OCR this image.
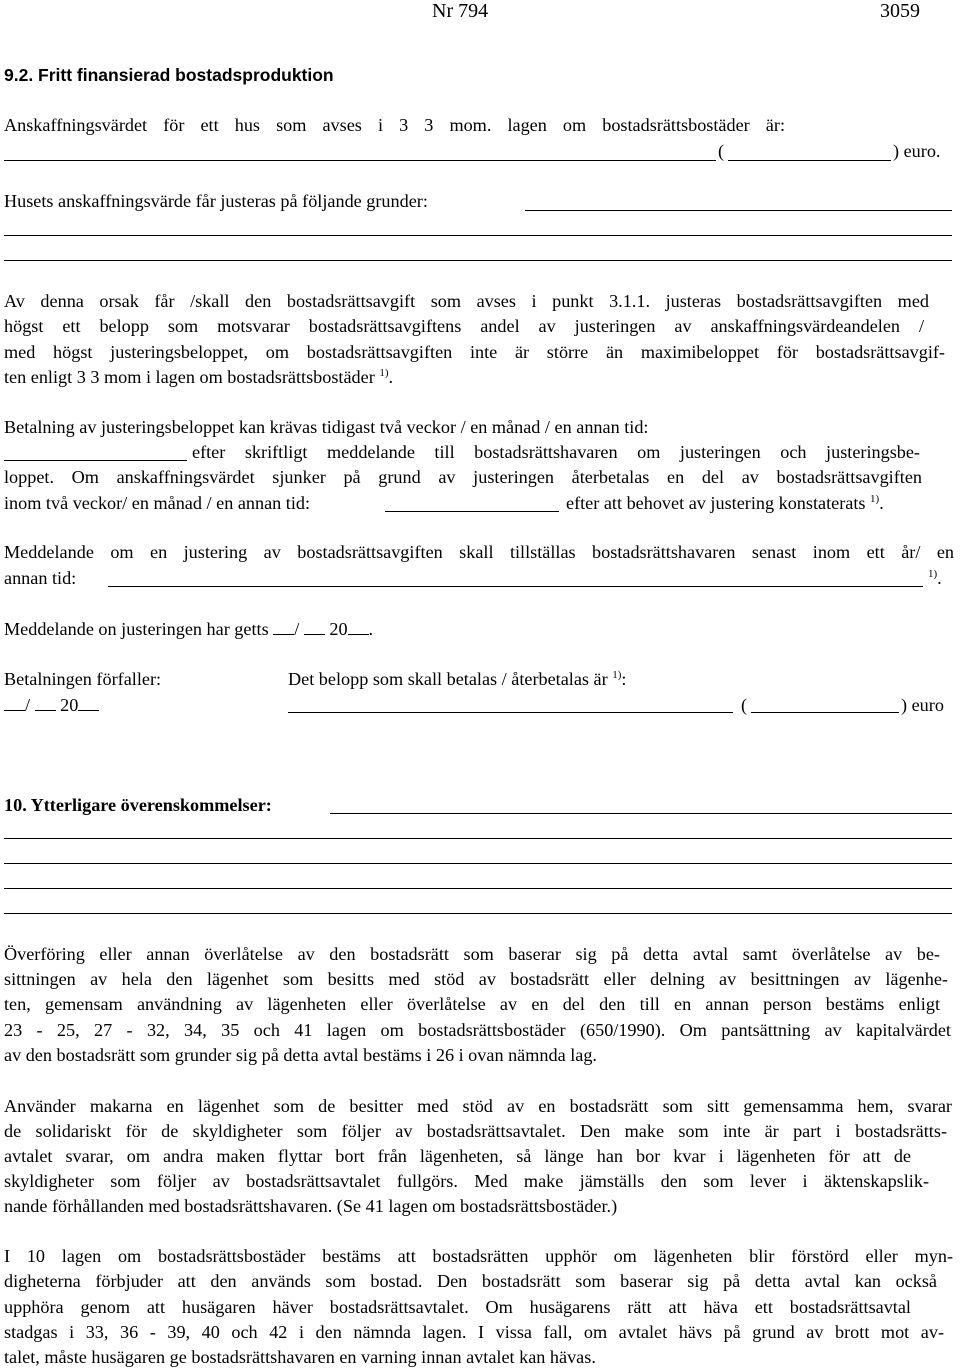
Nr 794	3059
9.2. Fritt finansierad bostadsproduktion
Anskaffningsvärdet för ett hus som avses i 3 3 mom. lagen om bostadsrättsbostäder är:
(	) euro.
Husets anskaffningsvärde får justeras på följande grunder:
Av denna orsak får /skall den bostadsrättsavgift som avses i punkt 3.1.1. justeras bostadsrättsavgiften med
högst ett belopp som motsvarar bostadsrättsavgiftens andel av justeringen av anskaffningsvärdeandelen /
med högst justeringsbeloppet, om bostadsrättsavgiften inte är större än maximibeloppet för bostadsrättsavgif-
ten enligt 3 3 mom i lagen om bostadsrättsbostäder $^{1)}$.
Betalning av justeringsbeloppet kan krävas tidigast två veckor / en månad / en annan tid:
efter skriftligt meddelande till bostadsrättshavaren om justeringen och justeringsbe-
loppet. Om anskaffningsvärdet sjunker på grund av justeringen återbetalas en del av bostadsrättsavgiften
inom två veckor/ en månad / en annan tid:	efter att behovet av justering konstaterats $^{1)}$.
Meddelande om en justering av bostadsrättsavgiften skall tillställas bostadsrättshavaren senast inom ett år/ en
annan tid:	$^{1)}$.
Meddelande on justeringen har getts / 20 .
Betalningen förfaller:	Det belopp som skall betalas / återbetalas är $^{1)}$:
/ 20	(	) euro
10. Ytterligare överenskommelser:
Överföring eller annan överlåtelse av den bostadsrätt som baserar sig på detta avtal samt överlåtelse av be-
sittningen av hela den lägenhet som besitts med stöd av bostadsrätt eller delning av besittningen av lägenhe-
ten, gemensam användning av lägenheten eller överlåtelse av en del den till en annan person bestäms enligt
23 - 25, 27 - 32, 34, 35 och 41 lagen om bostadsrättsbostäder (650/1990). Om pantsättning av kapitalvärdet
av den bostadsrätt som grunder sig på detta avtal bestäms i 26 i ovan nämnda lag.
Använder makarna en lägenhet som de besitter med stöd av en bostadsrätt som sitt gemensamma hem, svarar
de solidariskt för de skyldigheter som följer av bostadsrättsavtalet. Den make som inte är part i bostadsrätts-
avtalet svarar, om andra maken flyttar bort från lägenheten, så länge han bor kvar i lägenheten för att de
skyldigheter som följer av bostadsrättsavtalet fullgörs. Med make jämställs den som lever i äktenskapslik-
nande förhållanden med bostadsrättshavaren. (Se 41 lagen om bostadsrättsbostäder.)
I 10 lagen om bostadsrättsbostäder bestäms att bostadsrätten upphör om lägenheten blir förstörd eller myn-
digheterna förbjuder att den används som bostad. Den bostadsrätt som baserar sig på detta avtal kan också
upphöra genom att husägaren häver bostadsrättsavtalet. Om husägarens rätt att häva ett bostadsrättsavtal
stadgas i 33, 36 - 39, 40 och 42 i den nämnda lagen. I vissa fall, om avtalet hävs på grund av brott mot av-
talet, måste husägaren ge bostadsrättshavaren en varning innan avtalet kan hävas.
